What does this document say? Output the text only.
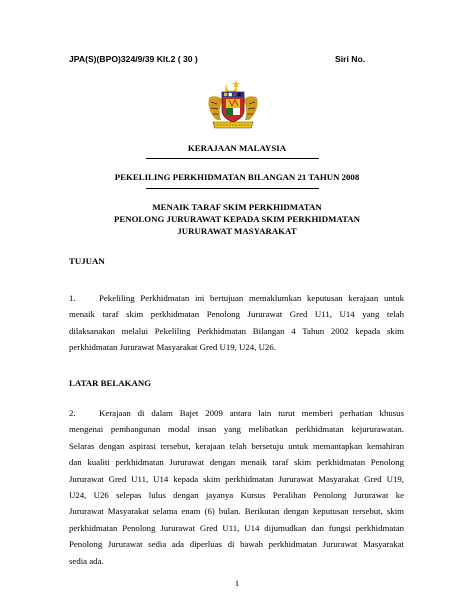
JPA(S)(BPO)324/9/39 Klt.2 ( 30 )	Siri No.
KERAJAAN MALAYSIA
PEKELILING PERKHIDMATAN BILANGAN 21 TAHUN 2008
MENAIK TARAF SKIM PERKHIDMATAN
PENOLONG JURURAWAT KEPADA SKIM PERKHIDMATAN
JURURAWAT MASYARAKAT
TUJUAN
Pekeliling Perkhidmatan ini bertujuan memaklumkan keputusan kerajaan untuk
menaik taraf skim perkhidmatan Penolong Jururawat Gred U11, U14 yang telah
dilaksanakan melalui Pekeliling Perkhidmatan Bilangan 4 Tahun 2002 kepada skim
perkhidmatan Jururawat Masyarakat Gred U19, U24, U26.
1.
LATAR BELAKANG
Kerajaan di dalam Bajet 2009 antara lain turut memberi perhatian khusus
mengenai pembangunan modal insan yang melibatkan perkhidmatan kejururawatan.
Selaras dengan aspirasi tersebut, kerajaan telah bersetuju untuk memantapkan kemahiran
dan kualiti perkhidmatan Jururawat dengan menaik taraf skim perkhidmatan Penolong
Jururawat Gred U11, U14 kepada skim perkhidmatan Jururawat Masyarakat Gred U19,
U24, U26 selepas lulus dengan jayanya Kursus Peralihan Penolong Jururawat ke
Jururawat Masyarakat selama enam (6) bulan. Berikutan dengan keputusan tersebut, skim
perkhidmatan Penolong Jururawat Gred U11, U14 dijumudkan dan fungsi perkhidmatan
Penolong Jururawat sedia ada diperluas di bawah perkhidmatan Jururawat Masyarakat
sedia ada.
2.
1
